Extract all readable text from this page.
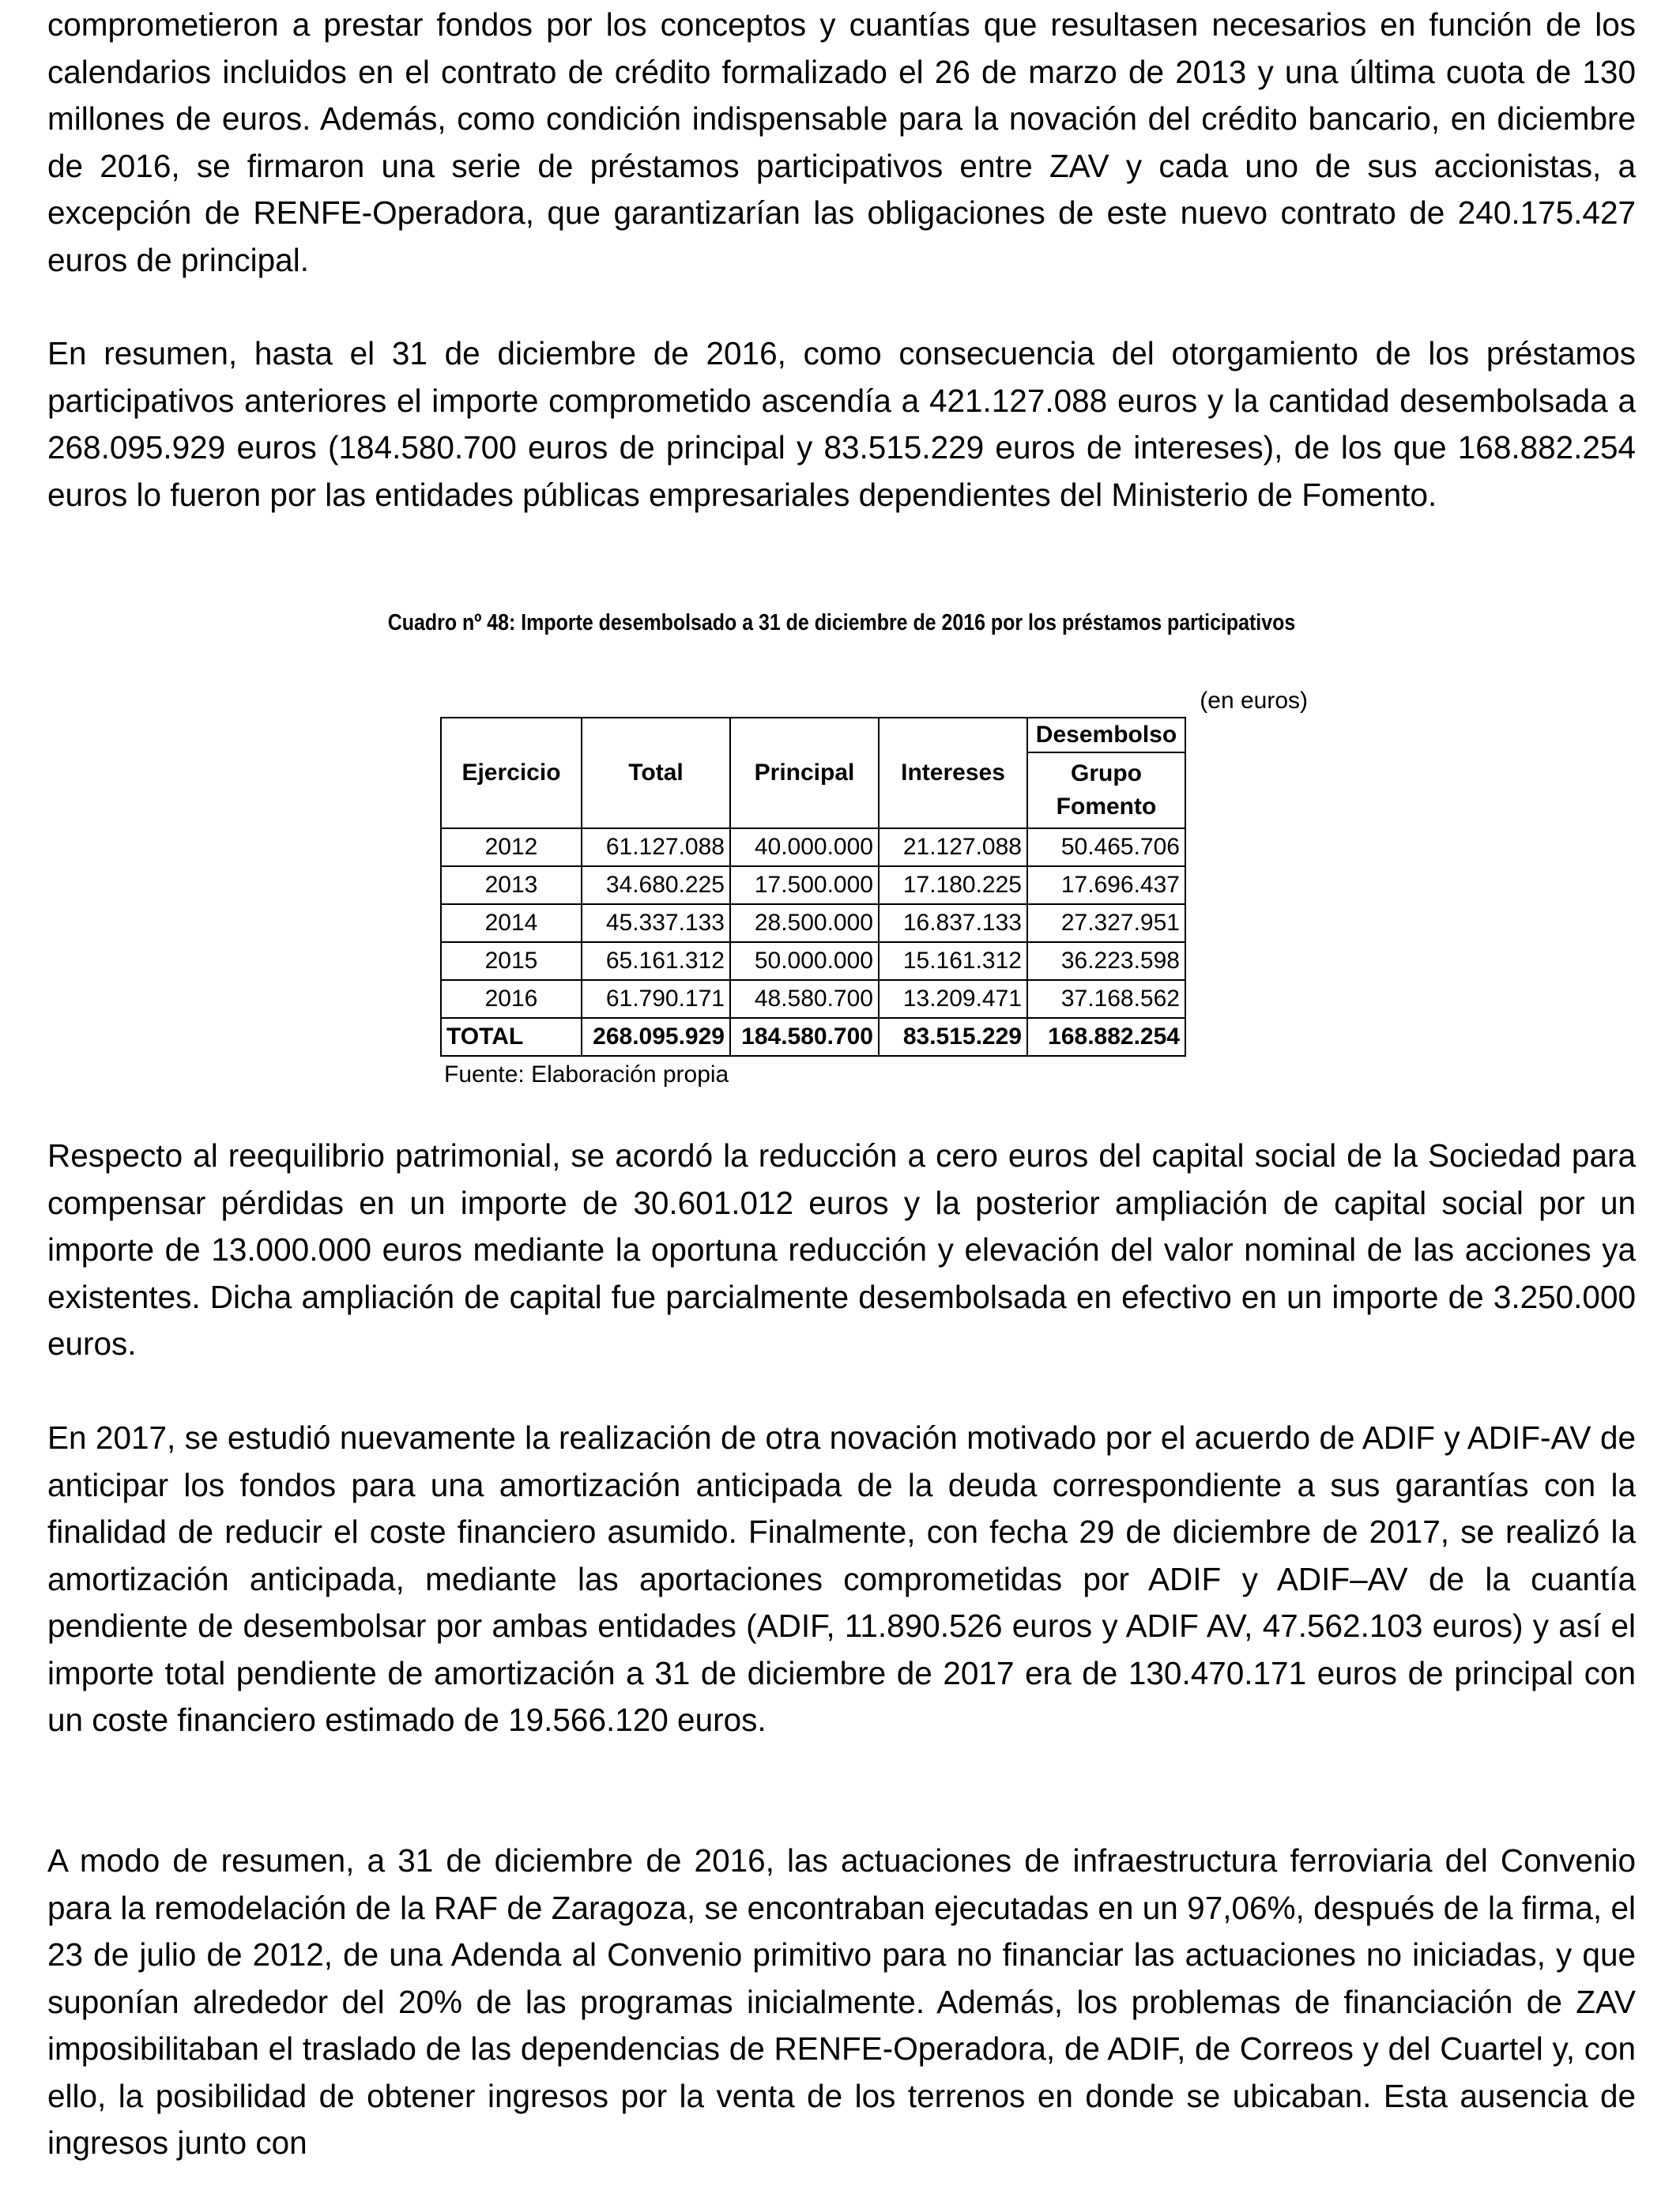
comprometieron a prestar fondos por los conceptos y cuantías que resultasen necesarios en función de los calendarios incluidos en el contrato de crédito formalizado el 26 de marzo de 2013 y una última cuota de 130 millones de euros. Además, como condición indispensable para la novación del crédito bancario, en diciembre de 2016, se firmaron una serie de préstamos participativos entre ZAV y cada uno de sus accionistas, a excepción de RENFE-Operadora, que garantizarían las obligaciones de este nuevo contrato de 240.175.427 euros de principal.

En resumen, hasta el 31 de diciembre de 2016, como consecuencia del otorgamiento de los préstamos participativos anteriores el importe comprometido ascendía a 421.127.088 euros y la cantidad desembolsada a 268.095.929 euros (184.580.700 euros de principal y 83.515.229 euros de intereses), de los que 168.882.254 euros lo fueron por las entidades públicas empresariales dependientes del Ministerio de Fomento.

Cuadro nº 48: Importe desembolsado a 31 de diciembre de 2016 por los préstamos participativos
(en euros)
Ejercicio	Total	Principal	Intereses	Desembolso
				Grupo Fomento
2012	61.127.088	40.000.000	21.127.088	50.465.706
2013	34.680.225	17.500.000	17.180.225	17.696.437
2014	45.337.133	28.500.000	16.837.133	27.327.951
2015	65.161.312	50.000.000	15.161.312	36.223.598
2016	61.790.171	48.580.700	13.209.471	37.168.562
TOTAL	268.095.929	184.580.700	83.515.229	168.882.254
Fuente: Elaboración propia

Respecto al reequilibrio patrimonial, se acordó la reducción a cero euros del capital social de la Sociedad para compensar pérdidas en un importe de 30.601.012 euros y la posterior ampliación de capital social por un importe de 13.000.000 euros mediante la oportuna reducción y elevación del valor nominal de las acciones ya existentes. Dicha ampliación de capital fue parcialmente desembolsada en efectivo en un importe de 3.250.000 euros.

En 2017, se estudió nuevamente la realización de otra novación motivado por el acuerdo de ADIF y ADIF-AV de anticipar los fondos para una amortización anticipada de la deuda correspondiente a sus garantías con la finalidad de reducir el coste financiero asumido. Finalmente, con fecha 29 de diciembre de 2017, se realizó la amortización anticipada, mediante las aportaciones comprometidas por ADIF y ADIF–AV de la cuantía pendiente de desembolsar por ambas entidades (ADIF, 11.890.526 euros y ADIF AV, 47.562.103 euros) y así el importe total pendiente de amortización a 31 de diciembre de 2017 era de 130.470.171 euros de principal con un coste financiero estimado de 19.566.120 euros.

A modo de resumen, a 31 de diciembre de 2016, las actuaciones de infraestructura ferroviaria del Convenio para la remodelación de la RAF de Zaragoza, se encontraban ejecutadas en un 97,06%, después de la firma, el 23 de julio de 2012, de una Adenda al Convenio primitivo para no financiar las actuaciones no iniciadas, y que suponían alrededor del 20% de las programas inicialmente. Además, los problemas de financiación de ZAV imposibilitaban el traslado de las dependencias de RENFE-Operadora, de ADIF, de Correos y del Cuartel y, con ello, la posibilidad de obtener ingresos por la venta de los terrenos en donde se ubicaban. Esta ausencia de ingresos junto con
